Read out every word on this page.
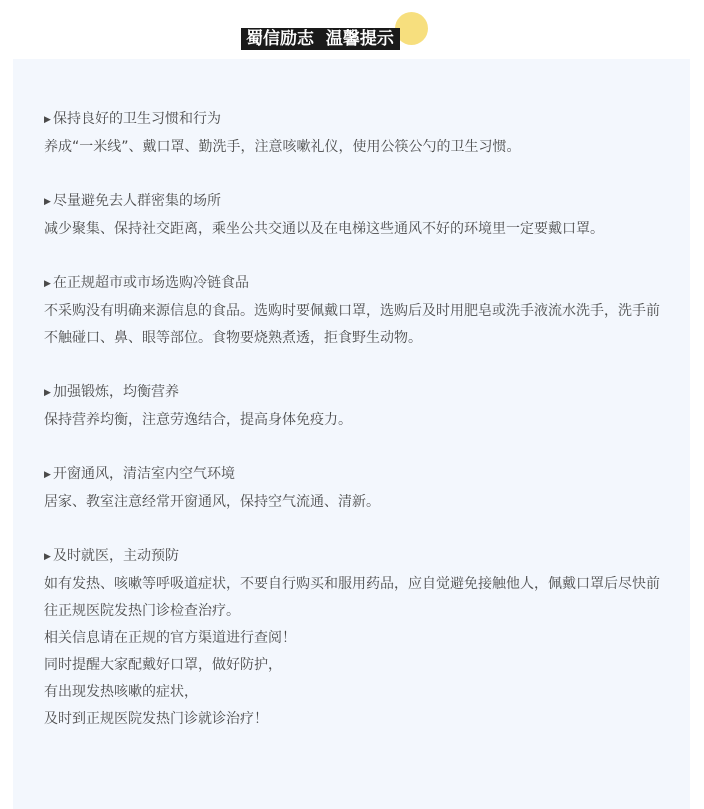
蜀信励志  温馨提示
▶ 保持良好的卫生习惯和行为
养成“一米线”、戴口罩、勤洗手，注意咳嗽礼仪，使用公筷公勺的卫生习惯。
▶ 尽量避免去人群密集的场所
减少聚集、保持社交距离，乘坐公共交通以及在电梯这些通风不好的环境里一定要戴口罩。
▶ 在正规超市或市场选购冷链食品
不采购没有明确来源信息的食品。选购时要佩戴口罩，选购后及时用肥皂或洗手液流水洗手，洗手前不触碰口、鼻、眼等部位。食物要烧熟煮透，拒食野生动物。
▶ 加强锻炼，均衡营养
保持营养均衡，注意劳逸结合，提高身体免疫力。
▶ 开窗通风，清洁室内空气环境
居家、教室注意经常开窗通风，保持空气流通、清新。
▶ 及时就医，主动预防
如有发热、咳嗽等呼吸道症状，不要自行购买和服用药品，应自觉避免接触他人，佩戴口罩后尽快前往正规医院发热门诊检查治疗。
相关信息请在正规的官方渠道进行查阅！
同时提醒大家配戴好口罩，做好防护，
有出现发热咳嗽的症状，
及时到正规医院发热门诊就诊治疗！
